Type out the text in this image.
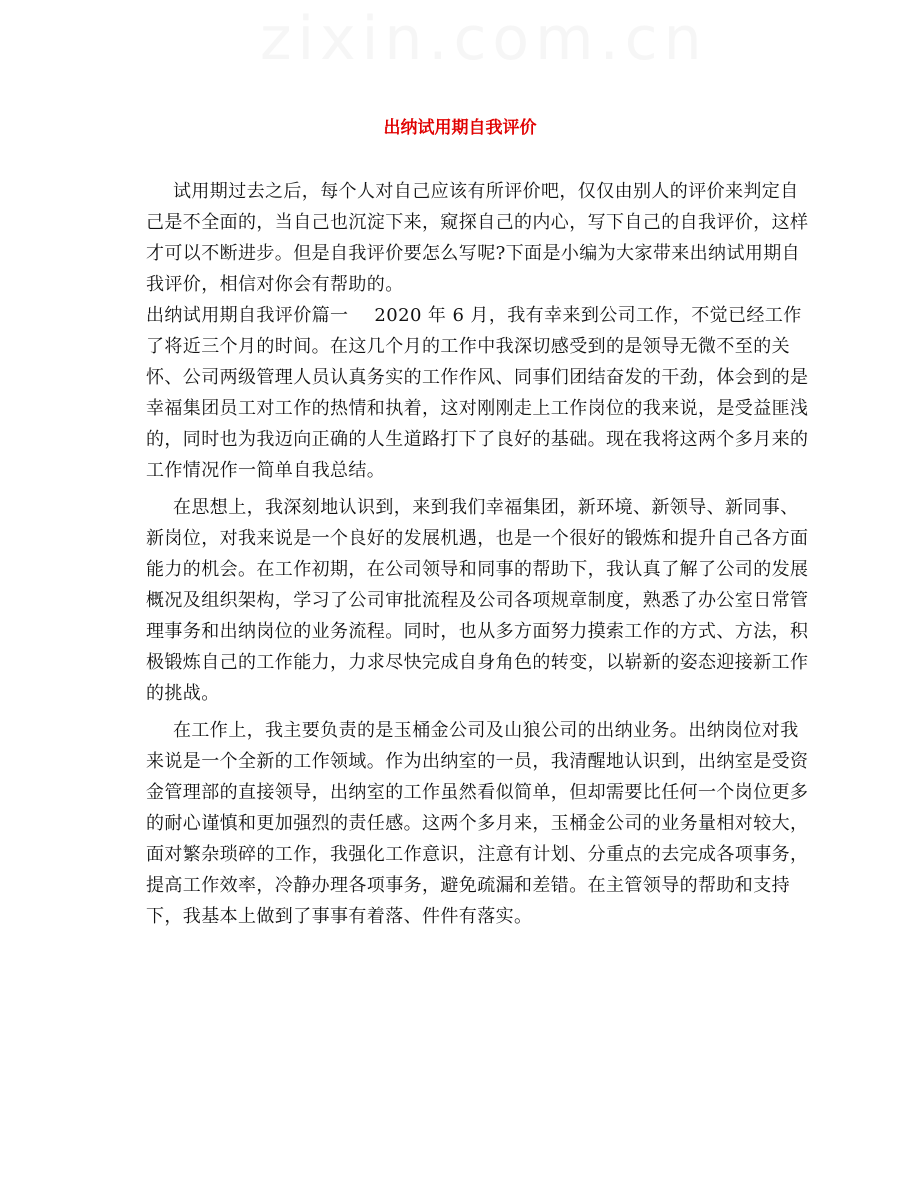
zixin.com.cn
出纳试用期自我评价
试用期过去之后，每个人对自己应该有所评价吧，仅仅由别人的评价来判定自
己是不全面的，当自己也沉淀下来，窥探自己的内心，写下自己的自我评价，这样
才可以不断进步。但是自我评价要怎么写呢?下面是小编为大家带来出纳试用期自
我评价，相信对你会有帮助的。
出纳试用期自我评价篇一 2020 年 6 月，我有幸来到公司工作，不觉已经工作
了将近三个月的时间。在这几个月的工作中我深切感受到的是领导无微不至的关
怀、公司两级管理人员认真务实的工作作风、同事们团结奋发的干劲，体会到的是
幸福集团员工对工作的热情和执着，这对刚刚走上工作岗位的我来说，是受益匪浅
的，同时也为我迈向正确的人生道路打下了良好的基础。现在我将这两个多月来的
工作情况作一简单自我总结。
在思想上，我深刻地认识到，来到我们幸福集团，新环境、新领导、新同事、
新岗位，对我来说是一个良好的发展机遇，也是一个很好的锻炼和提升自己各方面
能力的机会。在工作初期，在公司领导和同事的帮助下，我认真了解了公司的发展
概况及组织架构，学习了公司审批流程及公司各项规章制度，熟悉了办公室日常管
理事务和出纳岗位的业务流程。同时，也从多方面努力摸索工作的方式、方法，积
极锻炼自己的工作能力，力求尽快完成自身角色的转变，以崭新的姿态迎接新工作
的挑战。
在工作上，我主要负责的是玉桶金公司及山狼公司的出纳业务。出纳岗位对我
来说是一个全新的工作领域。作为出纳室的一员，我清醒地认识到，出纳室是受资
金管理部的直接领导，出纳室的工作虽然看似简单，但却需要比任何一个岗位更多
的耐心谨慎和更加强烈的责任感。这两个多月来，玉桶金公司的业务量相对较大，
面对繁杂琐碎的工作，我强化工作意识，注意有计划、分重点的去完成各项事务，
提高工作效率，冷静办理各项事务，避免疏漏和差错。在主管领导的帮助和支持
下，我基本上做到了事事有着落、件件有落实。
